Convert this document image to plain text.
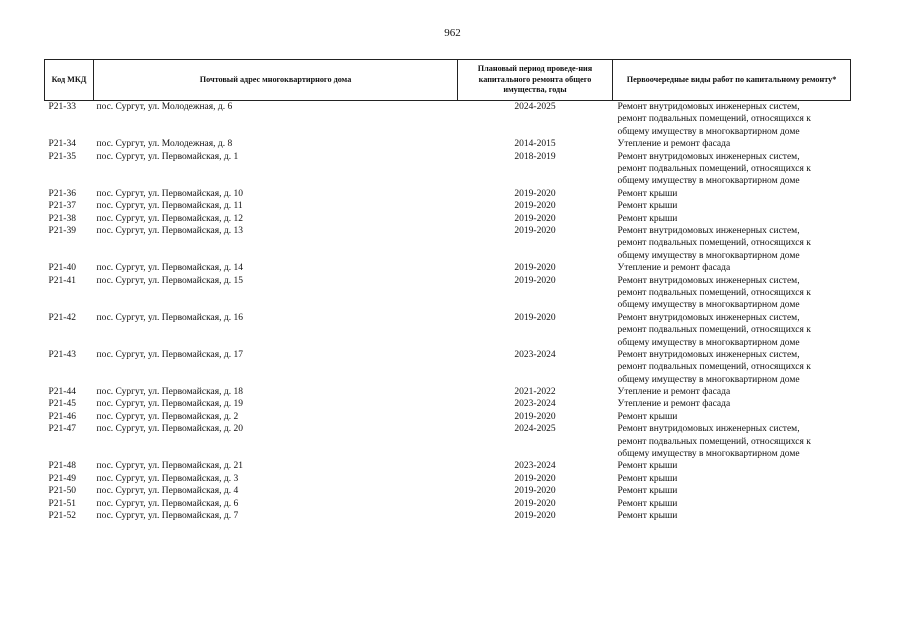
962
Код МКД	Почтовый адрес многоквартирного дома	Плановый период проведе-ния капитального ремонта общего имущества, годы	Первоочередные виды работ по капитальному ремонту*
Р21-33	пос. Сургут, ул. Молодежная, д. 6	2024-2025	Ремонт внутридомовых инженерных систем,
ремонт подвальных помещений, относящихся к
общему имуществу в многоквартирном доме

Р21-34	пос. Сургут, ул. Молодежная, д. 8	2014-2015	Утепление и ремонт фасада

Р21-35	пос. Сургут, ул. Первомайская, д. 1	2018-2019	Ремонт внутридомовых инженерных систем,
ремонт подвальных помещений, относящихся к
общему имуществу в многоквартирном доме

Р21-36	пос. Сургут, ул. Первомайская, д. 10	2019-2020	Ремонт крыши

Р21-37	пос. Сургут, ул. Первомайская, д. 11	2019-2020	Ремонт крыши

Р21-38	пос. Сургут, ул. Первомайская, д. 12	2019-2020	Ремонт крыши

Р21-39	пос. Сургут, ул. Первомайская, д. 13	2019-2020	Ремонт внутридомовых инженерных систем,
ремонт подвальных помещений, относящихся к
общему имуществу в многоквартирном доме

Р21-40	пос. Сургут, ул. Первомайская, д. 14	2019-2020	Утепление и ремонт фасада

Р21-41	пос. Сургут, ул. Первомайская, д. 15	2019-2020	Ремонт внутридомовых инженерных систем,
ремонт подвальных помещений, относящихся к
общему имуществу в многоквартирном доме

Р21-42	пос. Сургут, ул. Первомайская, д. 16	2019-2020	Ремонт внутридомовых инженерных систем,
ремонт подвальных помещений, относящихся к
общему имуществу в многоквартирном доме

Р21-43	пос. Сургут, ул. Первомайская, д. 17	2023-2024	Ремонт внутридомовых инженерных систем,
ремонт подвальных помещений, относящихся к
общему имуществу в многоквартирном доме

Р21-44	пос. Сургут, ул. Первомайская, д. 18	2021-2022	Утепление и ремонт фасада

Р21-45	пос. Сургут, ул. Первомайская, д. 19	2023-2024	Утепление и ремонт фасада

Р21-46	пос. Сургут, ул. Первомайская, д. 2	2019-2020	Ремонт крыши

Р21-47	пос. Сургут, ул. Первомайская, д. 20	2024-2025	Ремонт внутридомовых инженерных систем,
ремонт подвальных помещений, относящихся к
общему имуществу в многоквартирном доме

Р21-48	пос. Сургут, ул. Первомайская, д. 21	2023-2024	Ремонт крыши

Р21-49	пос. Сургут, ул. Первомайская, д. 3	2019-2020	Ремонт крыши

Р21-50	пос. Сургут, ул. Первомайская, д. 4	2019-2020	Ремонт крыши

Р21-51	пос. Сургут, ул. Первомайская, д. 6	2019-2020	Ремонт крыши

Р21-52	пос. Сургут, ул. Первомайская, д. 7	2019-2020	Ремонт крыши
